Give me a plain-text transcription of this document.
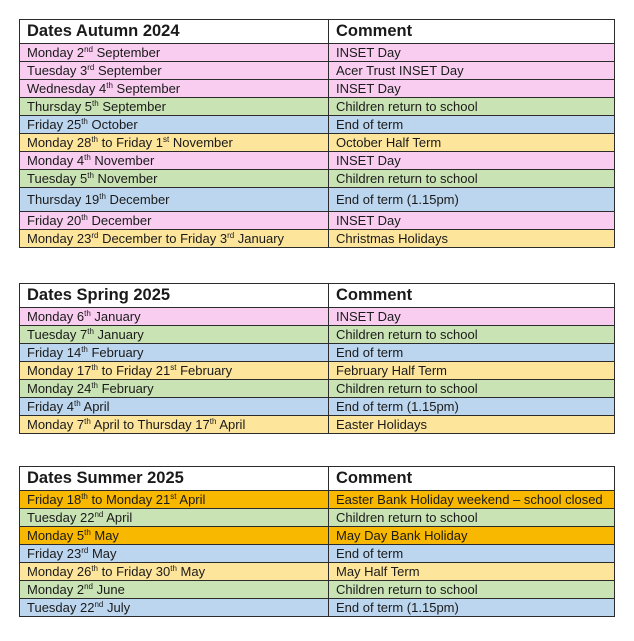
Dates Autumn 2024	Comment
Monday 2nd September	INSET Day
Tuesday 3rd September	Acer Trust INSET Day
Wednesday 4th September	INSET Day
Thursday 5th September	Children return to school
Friday 25th October	End of term
Monday 28th to Friday 1st November	October Half Term
Monday 4th November	INSET Day
Tuesday 5th November	Children return to school
Thursday 19th December	End of term (1.15pm)
Friday 20th December	INSET Day
Monday 23rd December to Friday 3rd January	Christmas Holidays
Dates Spring 2025	Comment
Monday 6th January	INSET Day
Tuesday 7th January	Children return to school
Friday 14th February	End of term
Monday 17th to Friday 21st February	February Half Term
Monday 24th February	Children return to school
Friday 4th April	End of term (1.15pm)
Monday 7th April to Thursday 17th April	Easter Holidays
Dates Summer 2025	Comment
Friday 18th to Monday 21st April	Easter Bank Holiday weekend – school closed
Tuesday 22nd April	Children return to school
Monday 5th May	May Day Bank Holiday
Friday 23rd May	End of term
Monday 26th to Friday 30th May	May Half Term
Monday 2nd June	Children return to school
Tuesday 22nd July	End of term (1.15pm)
